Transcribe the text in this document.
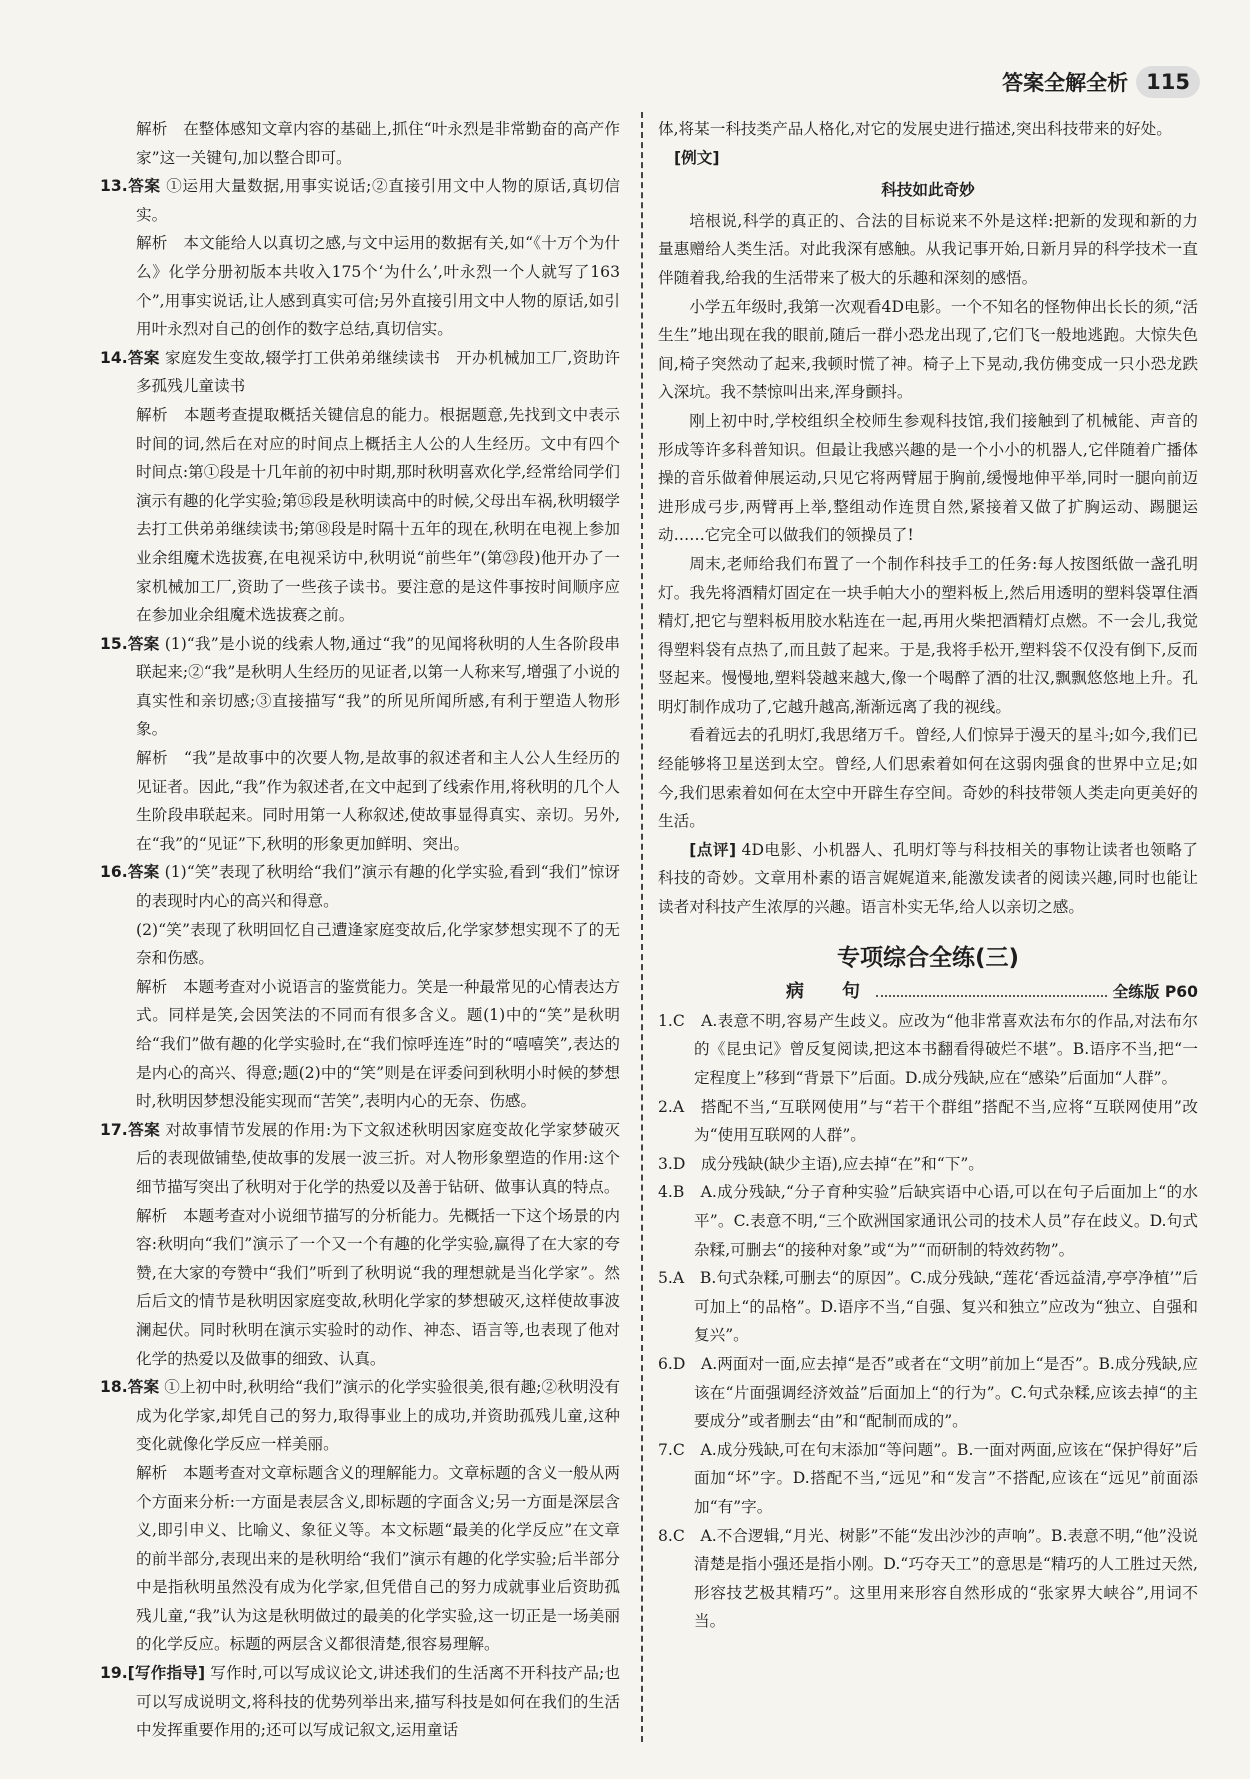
答案全解全析 115

解析　在整体感知文章内容的基础上,抓住“叶永烈是非常勤奋的高产作家”这一关键句,加以整合即可。

13.答案 ①运用大量数据,用事实说话;②直接引用文中人物的原话,真切信实。

解析　本文能给人以真切之感,与文中运用的数据有关,如“《十万个为什么》化学分册初版本共收入175个‘为什么’,叶永烈一个人就写了163个”,用事实说话,让人感到真实可信;另外直接引用文中人物的原话,如引用叶永烈对自己的创作的数字总结,真切信实。

14.答案 家庭发生变故,辍学打工供弟弟继续读书　开办机械加工厂,资助许多孤残儿童读书

解析　本题考查提取概括关键信息的能力。根据题意,先找到文中表示时间的词,然后在对应的时间点上概括主人公的人生经历。文中有四个时间点:第①段是十几年前的初中时期,那时秋明喜欢化学,经常给同学们演示有趣的化学实验;第⑮段是秋明读高中的时候,父母出车祸,秋明辍学去打工供弟弟继续读书;第⑱段是时隔十五年的现在,秋明在电视上参加业余组魔术选拔赛,在电视采访中,秋明说“前些年”(第㉓段)他开办了一家机械加工厂,资助了一些孩子读书。要注意的是这件事按时间顺序应在参加业余组魔术选拔赛之前。

15.答案 (1)“我”是小说的线索人物,通过“我”的见闻将秋明的人生各阶段串联起来;②“我”是秋明人生经历的见证者,以第一人称来写,增强了小说的真实性和亲切感;③直接描写“我”的所见所闻所感,有利于塑造人物形象。

解析　“我”是故事中的次要人物,是故事的叙述者和主人公人生经历的见证者。因此,“我”作为叙述者,在文中起到了线索作用,将秋明的几个人生阶段串联起来。同时用第一人称叙述,使故事显得真实、亲切。另外,在“我”的“见证”下,秋明的形象更加鲜明、突出。

16.答案 (1)“笑”表现了秋明给“我们”演示有趣的化学实验,看到“我们”惊讶的表现时内心的高兴和得意。

(2)“笑”表现了秋明回忆自己遭逢家庭变故后,化学家梦想实现不了的无奈和伤感。

解析　本题考查对小说语言的鉴赏能力。笑是一种最常见的心情表达方式。同样是笑,会因笑法的不同而有很多含义。题(1)中的“笑”是秋明给“我们”做有趣的化学实验时,在“我们惊呼连连”时的“嘻嘻笑”,表达的是内心的高兴、得意;题(2)中的“笑”则是在评委问到秋明小时候的梦想时,秋明因梦想没能实现而“苦笑”,表明内心的无奈、伤感。

17.答案 对故事情节发展的作用:为下文叙述秋明因家庭变故化学家梦破灭后的表现做铺垫,使故事的发展一波三折。对人物形象塑造的作用:这个细节描写突出了秋明对于化学的热爱以及善于钻研、做事认真的特点。

解析　本题考查对小说细节描写的分析能力。先概括一下这个场景的内容:秋明向“我们”演示了一个又一个有趣的化学实验,赢得了在大家的夸赞,在大家的夸赞中“我们”听到了秋明说“我的理想就是当化学家”。然后后文的情节是秋明因家庭变故,秋明化学家的梦想破灭,这样使故事波澜起伏。同时秋明在演示实验时的动作、神态、语言等,也表现了他对化学的热爱以及做事的细致、认真。

18.答案 ①上初中时,秋明给“我们”演示的化学实验很美,很有趣;②秋明没有成为化学家,却凭自己的努力,取得事业上的成功,并资助孤残儿童,这种变化就像化学反应一样美丽。

解析　本题考查对文章标题含义的理解能力。文章标题的含义一般从两个方面来分析:一方面是表层含义,即标题的字面含义;另一方面是深层含义,即引申义、比喻义、象征义等。本文标题“最美的化学反应”在文章的前半部分,表现出来的是秋明给“我们”演示有趣的化学实验;后半部分中是指秋明虽然没有成为化学家,但凭借自己的努力成就事业后资助孤残儿童,“我”认为这是秋明做过的最美的化学实验,这一切正是一场美丽的化学反应。标题的两层含义都很清楚,很容易理解。

19.[写作指导] 写作时,可以写成议论文,讲述我们的生活离不开科技产品;也可以写成说明文,将科技的优势列举出来,描写科技是如何在我们的生活中发挥重要作用的;还可以写成记叙文,运用童话

体,将某一科技类产品人格化,对它的发展史进行描述,突出科技带来的好处。

[例文]

科技如此奇妙

培根说,科学的真正的、合法的目标说来不外是这样:把新的发现和新的力量惠赠给人类生活。对此我深有感触。从我记事开始,日新月异的科学技术一直伴随着我,给我的生活带来了极大的乐趣和深刻的感悟。

小学五年级时,我第一次观看4D电影。一个不知名的怪物伸出长长的须,“活生生”地出现在我的眼前,随后一群小恐龙出现了,它们飞一般地逃跑。大惊失色间,椅子突然动了起来,我顿时慌了神。椅子上下晃动,我仿佛变成一只小恐龙跌入深坑。我不禁惊叫出来,浑身颤抖。

刚上初中时,学校组织全校师生参观科技馆,我们接触到了机械能、声音的形成等许多科普知识。但最让我感兴趣的是一个小小的机器人,它伴随着广播体操的音乐做着伸展运动,只见它将两臂屈于胸前,缓慢地伸平举,同时一腿向前迈进形成弓步,两臂再上举,整组动作连贯自然,紧接着又做了扩胸运动、踢腿运动……它完全可以做我们的领操员了!

周末,老师给我们布置了一个制作科技手工的任务:每人按图纸做一盏孔明灯。我先将酒精灯固定在一块手帕大小的塑料板上,然后用透明的塑料袋罩住酒精灯,把它与塑料板用胶水粘连在一起,再用火柴把酒精灯点燃。不一会儿,我觉得塑料袋有点热了,而且鼓了起来。于是,我将手松开,塑料袋不仅没有倒下,反而竖起来。慢慢地,塑料袋越来越大,像一个喝醉了酒的壮汉,飘飘悠悠地上升。孔明灯制作成功了,它越升越高,渐渐远离了我的视线。

看着远去的孔明灯,我思绪万千。曾经,人们惊异于漫天的星斗;如今,我们已经能够将卫星送到太空。曾经,人们思索着如何在这弱肉强食的世界中立足;如今,我们思索着如何在太空中开辟生存空间。奇妙的科技带领人类走向更美好的生活。

[点评] 4D电影、小机器人、孔明灯等与科技相关的事物让读者也领略了科技的奇妙。文章用朴素的语言娓娓道来,能激发读者的阅读兴趣,同时也能让读者对科技产生浓厚的兴趣。语言朴实无华,给人以亲切之感。

专项综合全练(三)
病　句	全练版 P60

1.C　A.表意不明,容易产生歧义。应改为“他非常喜欢法布尔的作品,对法布尔的《昆虫记》曾反复阅读,把这本书翻看得破烂不堪”。B.语序不当,把“一定程度上”移到“背景下”后面。D.成分残缺,应在“感染”后面加“人群”。

2.A　搭配不当,“互联网使用”与“若干个群组”搭配不当,应将“互联网使用”改为“使用互联网的人群”。

3.D　成分残缺(缺少主语),应去掉“在”和“下”。

4.B　A.成分残缺,“分子育种实验”后缺宾语中心语,可以在句子后面加上“的水平”。C.表意不明,“三个欧洲国家通讯公司的技术人员”存在歧义。D.句式杂糅,可删去“的接种对象”或“为”“而研制的特效药物”。

5.A　B.句式杂糅,可删去“的原因”。C.成分残缺,“莲花‘香远益清,亭亭净植’”后可加上“的品格”。D.语序不当,“自强、复兴和独立”应改为“独立、自强和复兴”。

6.D　A.两面对一面,应去掉“是否”或者在“文明”前加上“是否”。B.成分残缺,应该在“片面强调经济效益”后面加上“的行为”。C.句式杂糅,应该去掉“的主要成分”或者删去“由”和“配制而成的”。

7.C　A.成分残缺,可在句末添加“等问题”。B.一面对两面,应该在“保护得好”后面加“坏”字。D.搭配不当,“远见”和“发言”不搭配,应该在“远见”前面添加“有”字。

8.C　A.不合逻辑,“月光、树影”不能“发出沙沙的声响”。B.表意不明,“他”没说清楚是指小强还是指小刚。D.“巧夺天工”的意思是“精巧的人工胜过天然,形容技艺极其精巧”。这里用来形容自然形成的“张家界大峡谷”,用词不当。
